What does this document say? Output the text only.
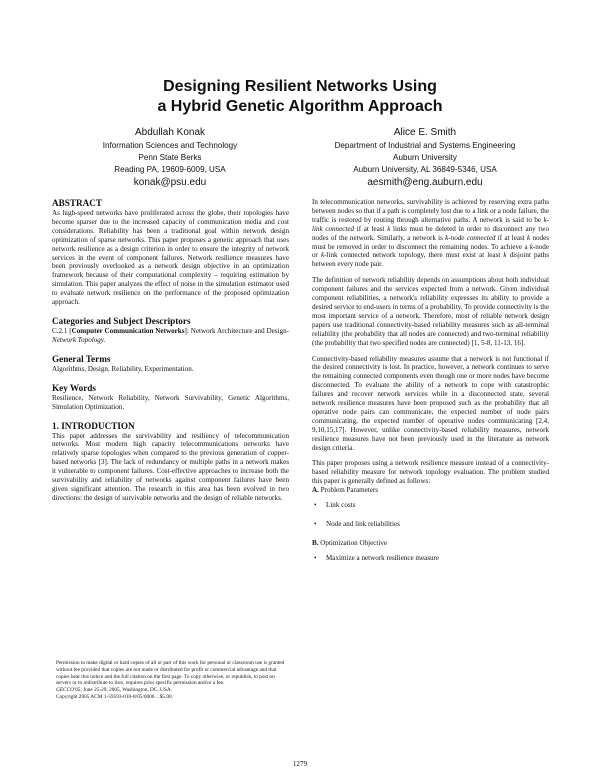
Designing Resilient Networks Using
a Hybrid Genetic Algorithm Approach
Abdullah Konak
Information Sciences and Technology
Penn State Berks
Reading PA, 19609-6009, USA
konak@psu.edu
Alice E. Smith
Department of Industrial and Systems Engineering
Auburn University
Auburn University, AL 36849-5346, USA
aesmith@eng.auburn.edu
ABSTRACT

As high-speed networks have proliferated across the globe, their topologies have become sparser due to the increased capacity of communication media and cost considerations. Reliability has been a traditional goal within network design optimization of sparse networks. This paper proposes a genetic approach that uses network resilience as a design criterion in order to ensure the integrity of network services in the event of component failures. Network resilience measures have been previously overlooked as a network design objective in an optimization framework because of their computational complexity – requiring estimation by simulation. This paper analyzes the effect of noise in the simulation estimator used to evaluate network resilience on the performance of the proposed optimization approach.

Categories and Subject Descriptors

C.2.1 [Computer Communication Networks]: Network Architecture and Design- Network Topology.

General Terms

Algorithms, Design, Reliability, Experimentation.

Key Words

Resilience, Network Reliability, Network Survivability, Genetic Algorithms, Simulation Optimization.

1. INTRODUCTION

This paper addresses the survivability and resiliency of telecommunication networks. Most modern high capacity telecommunications networks have relatively sparse topologies when compared to the previous generation of copper-based networks [3]. The lack of redundancy or multiple paths in a network makes it vulnerable to component failures. Cost-effective approaches to increase both the survivability and reliability of networks against component failures have been given significant attention. The research in this area has been evolved in two directions: the design of survivable networks and the design of reliable networks.

Permission to make digital or hard copies of all or part of this work for personal or classroom use is granted without fee provided that copies are not made or distributed for profit or commercial advantage and that copies bear this notice and the full citation on the first page. To copy otherwise, or republish, to post on servers or to redistribute to lists, requires prior specific permission and/or a fee.

GECCO'05, June 25-29, 2005, Washington, DC, USA.

Copyright 2005 ACM 1-59593-010-8/05/0006…$5.00.

In telecommunication networks, survivability is achieved by reserving extra paths between nodes so that if a path is completely lost due to a link or a node failure, the traffic is restored by routing through alternative paths. A network is said to be k-link connected if at least k links must be deleted in order to disconnect any two nodes of the network. Similarly, a network is k-node connected if at least k nodes must be removed in order to disconnect the remaining nodes. To achieve a k-node or k-link connected network topology, there must exist at least k disjoint paths between every node pair.

The definition of network reliability depends on assumptions about both individual component failures and the services expected from a network. Given individual component reliabilities, a network's reliability expresses its ability to provide a desired service to end-users in terms of a probability. To provide connectivity is the most important service of a network. Therefore, most of reliable network design papers use traditional connectivity-based reliability measures such as all-terminal reliability (the probability that all nodes are connected) and two-terminal reliability (the probability that two specified nodes are connected) [1, 5-8, 11-13, 16].

Connectivity-based reliability measures assume that a network is not functional if the desired connectivity is lost. In practice, however, a network continues to serve the remaining connected components even though one or more nodes have become disconnected. To evaluate the ability of a network to cope with catastrophic failures and recover network services while in a disconnected state, several network resilience measures have been proposed such as the probability that all operative node pairs can communicate, the expected number of node pairs communicating, the expected number of operative nodes communicating [2,4, 9,10,15,17]. However, unlike connectivity-based reliability measures, network resilience measures have not been previously used in the literature as network design criteria.

This paper proposes using a network resilience measure instead of a connectivity-based reliability measure for network topology evaluation. The problem studied this paper is generally defined as follows:

A. Problem Parameters

• Link costs
• Node and link reliabilities

B. Optimization Objective

• Maximize a network resilience measure
1279
